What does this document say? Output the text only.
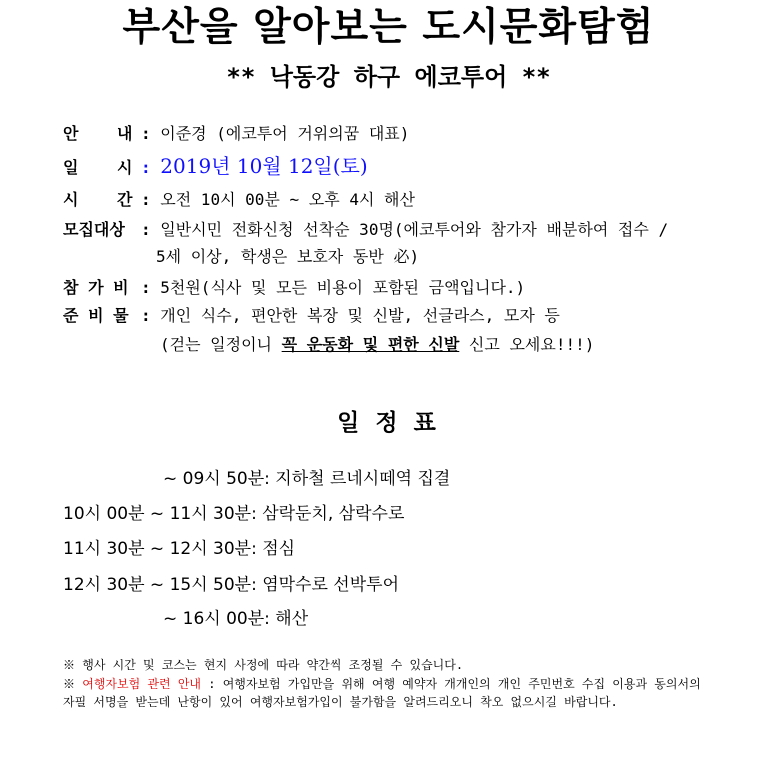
부산을 알아보는 도시문화탐험
** 낙동강 하구 에코투어 **
안    내 : 이준경 (에코투어 거위의꿈 대표)
일    시 : 2019년 10월 12일(토)
시    간 : 오전 10시 00분 ~ 오후 4시 해산
모집대상 : 일반시민 전화신청 선착순 30명(에코투어와 참가자 배분하여 접수 /
5세 이상, 학생은 보호자 동반 必)
참 가 비 : 5천원(식사 및 모든 비용이 포함된 금액입니다.)
준 비 물 : 개인 식수, 편안한 복장 및 신발, 선글라스, 모자 등
(걷는 일정이니 꼭 운동화 및 편한 신발 신고 오세요!!!)
일 정 표
~ 09시 50분: 지하철 르네시떼역 집결
10시 00분 ~ 11시 30분: 삼락둔치, 삼락수로
11시 30분 ~ 12시 30분: 점심
12시 30분 ~ 15시 50분: 염막수로 선박투어
~ 16시 00분: 해산
※ 행사 시간 및 코스는 현지 사정에 따라 약간씩 조정될 수 있습니다.
※ 여행자보험 관련 안내 : 여행자보험 가입만을 위해 여행 예약자 개개인의 개인 주민번호 수집 이용과 동의서의 자필 서명을 받는데 난항이 있어 여행자보험가입이 불가함을 알려드리오니 착오 없으시길 바랍니다.
